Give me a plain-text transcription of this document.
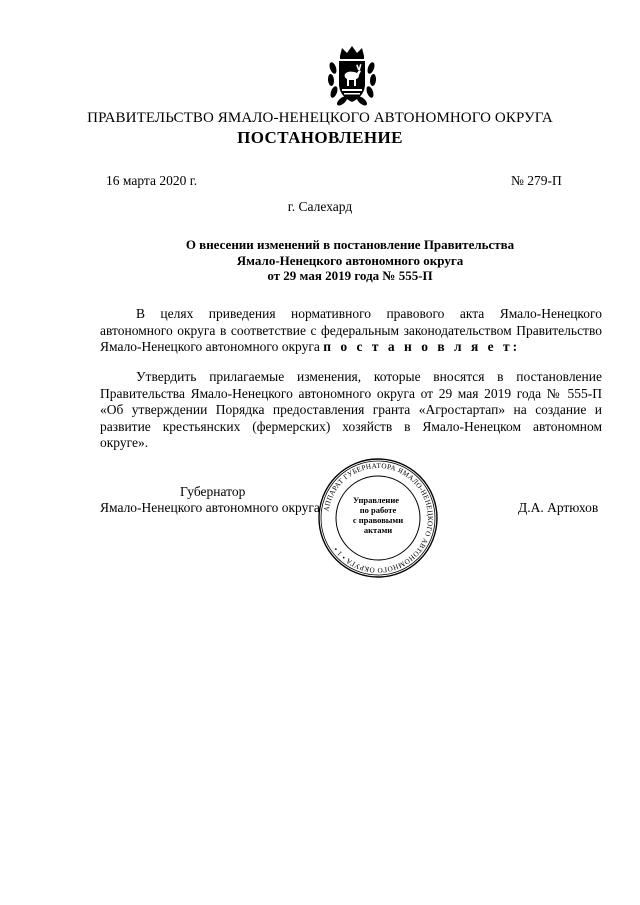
ПРАВИТЕЛЬСТВО ЯМАЛО-НЕНЕЦКОГО АВТОНОМНОГО ОКРУГА
ПОСТАНОВЛЕНИЕ
16 марта 2020 г.	№ 279-П
г. Салехард
О внесении изменений в постановление Правительства
Ямало-Ненецкого автономного округа
от 29 мая 2019 года № 555-П
В целях приведения нормативного правового акта Ямало-Ненецкого автономного округа в соответствие с федеральным законодательством Правительство Ямало-Ненецкого автономного округа п о с т а н о в л я е т:
Утвердить прилагаемые изменения, которые вносятся в постановление Правительства Ямало-Ненецкого автономного округа от 29 мая 2019 года № 555-П «Об утверждении Порядка предоставления гранта «Агростартап» на создание и развитие крестьянских (фермерских) хозяйств в Ямало-Ненецком автономном округе».
Губернатор
Ямало-Ненецкого автономного округа	Д.А. Артюхов
АППАРАТ ГУБЕРНАТОРА ЯМАЛО-НЕНЕЦКОГО АВТОНОМНОГО ОКРУГА • 1 •
Управление
по работе
с правовыми
актами
